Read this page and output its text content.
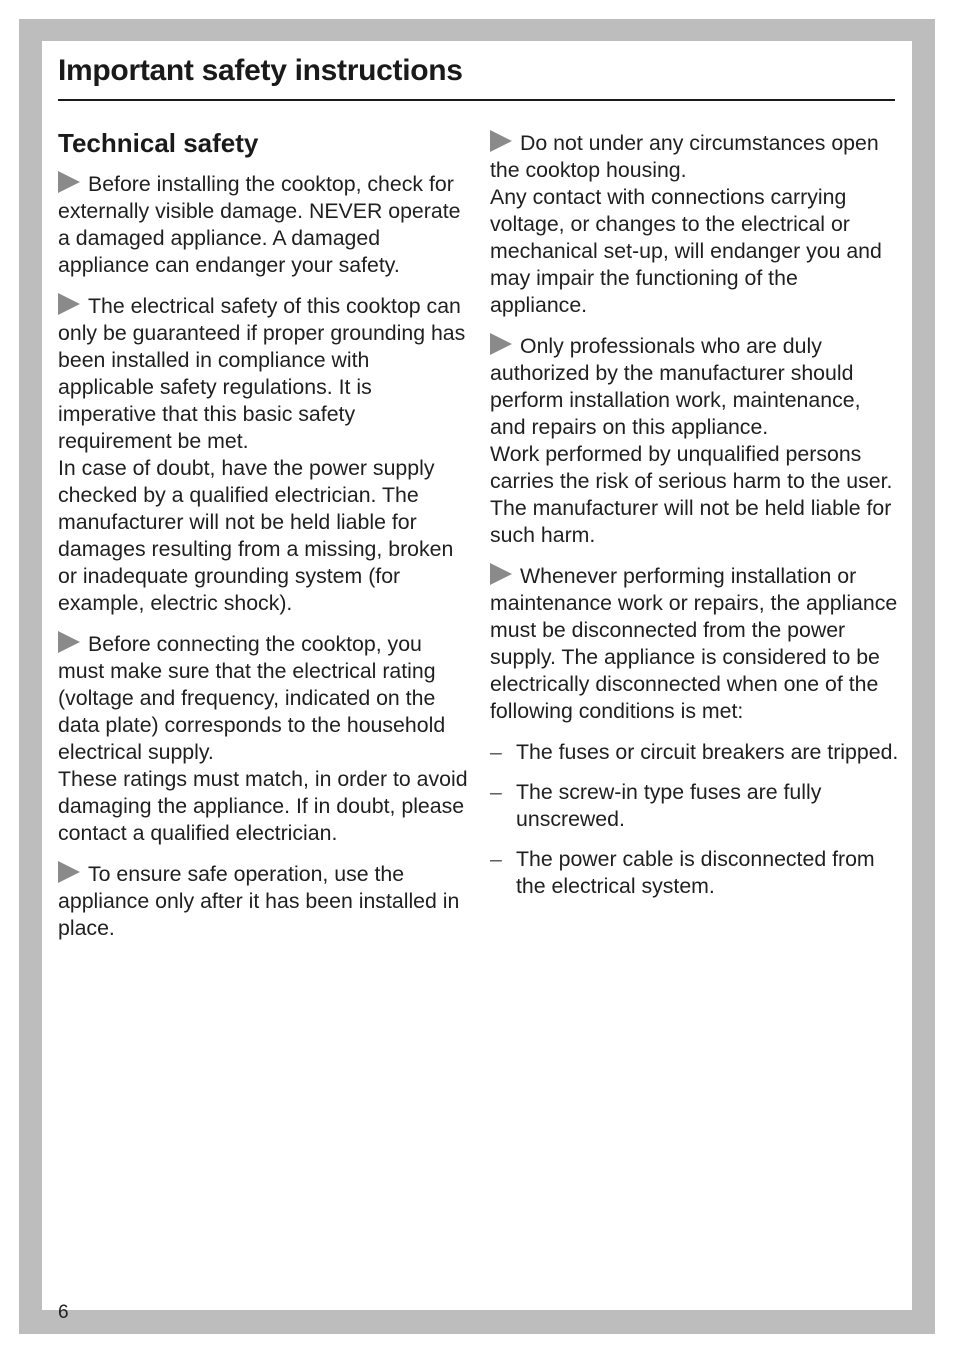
Important safety instructions
Technical safety

Before installing the cooktop, check for externally visible damage. NEVER operate a damaged appliance. A damaged appliance can endanger your safety.

The electrical safety of this cooktop can only be guaranteed if proper grounding has been installed in compliance with applicable safety regulations. It is imperative that this basic safety requirement be met.

In case of doubt, have the power supply checked by a qualified electrician. The manufacturer will not be held liable for damages resulting from a missing, broken or inadequate grounding system (for example, electric shock).

Before connecting the cooktop, you must make sure that the electrical rating (voltage and frequency, indicated on the data plate) corresponds to the household electrical supply.

These ratings must match, in order to avoid damaging the appliance. If in doubt, please contact a qualified electrician.

To ensure safe operation, use the appliance only after it has been installed in place.

Do not under any circumstances open the cooktop housing.

Any contact with connections carrying voltage, or changes to the electrical or mechanical set-up, will endanger you and may impair the functioning of the appliance.

Only professionals who are duly authorized by the manufacturer should perform installation work, maintenance, and repairs on this appliance.

Work performed by unqualified persons carries the risk of serious harm to the user. The manufacturer will not be held liable for such harm.

Whenever performing installation or maintenance work or repairs, the appliance must be disconnected from the power supply. The appliance is considered to be electrically disconnected when one of the following conditions is met:

– The fuses or circuit breakers are tripped.
– The screw-in type fuses are fully unscrewed.
– The power cable is disconnected from the electrical system.
6
